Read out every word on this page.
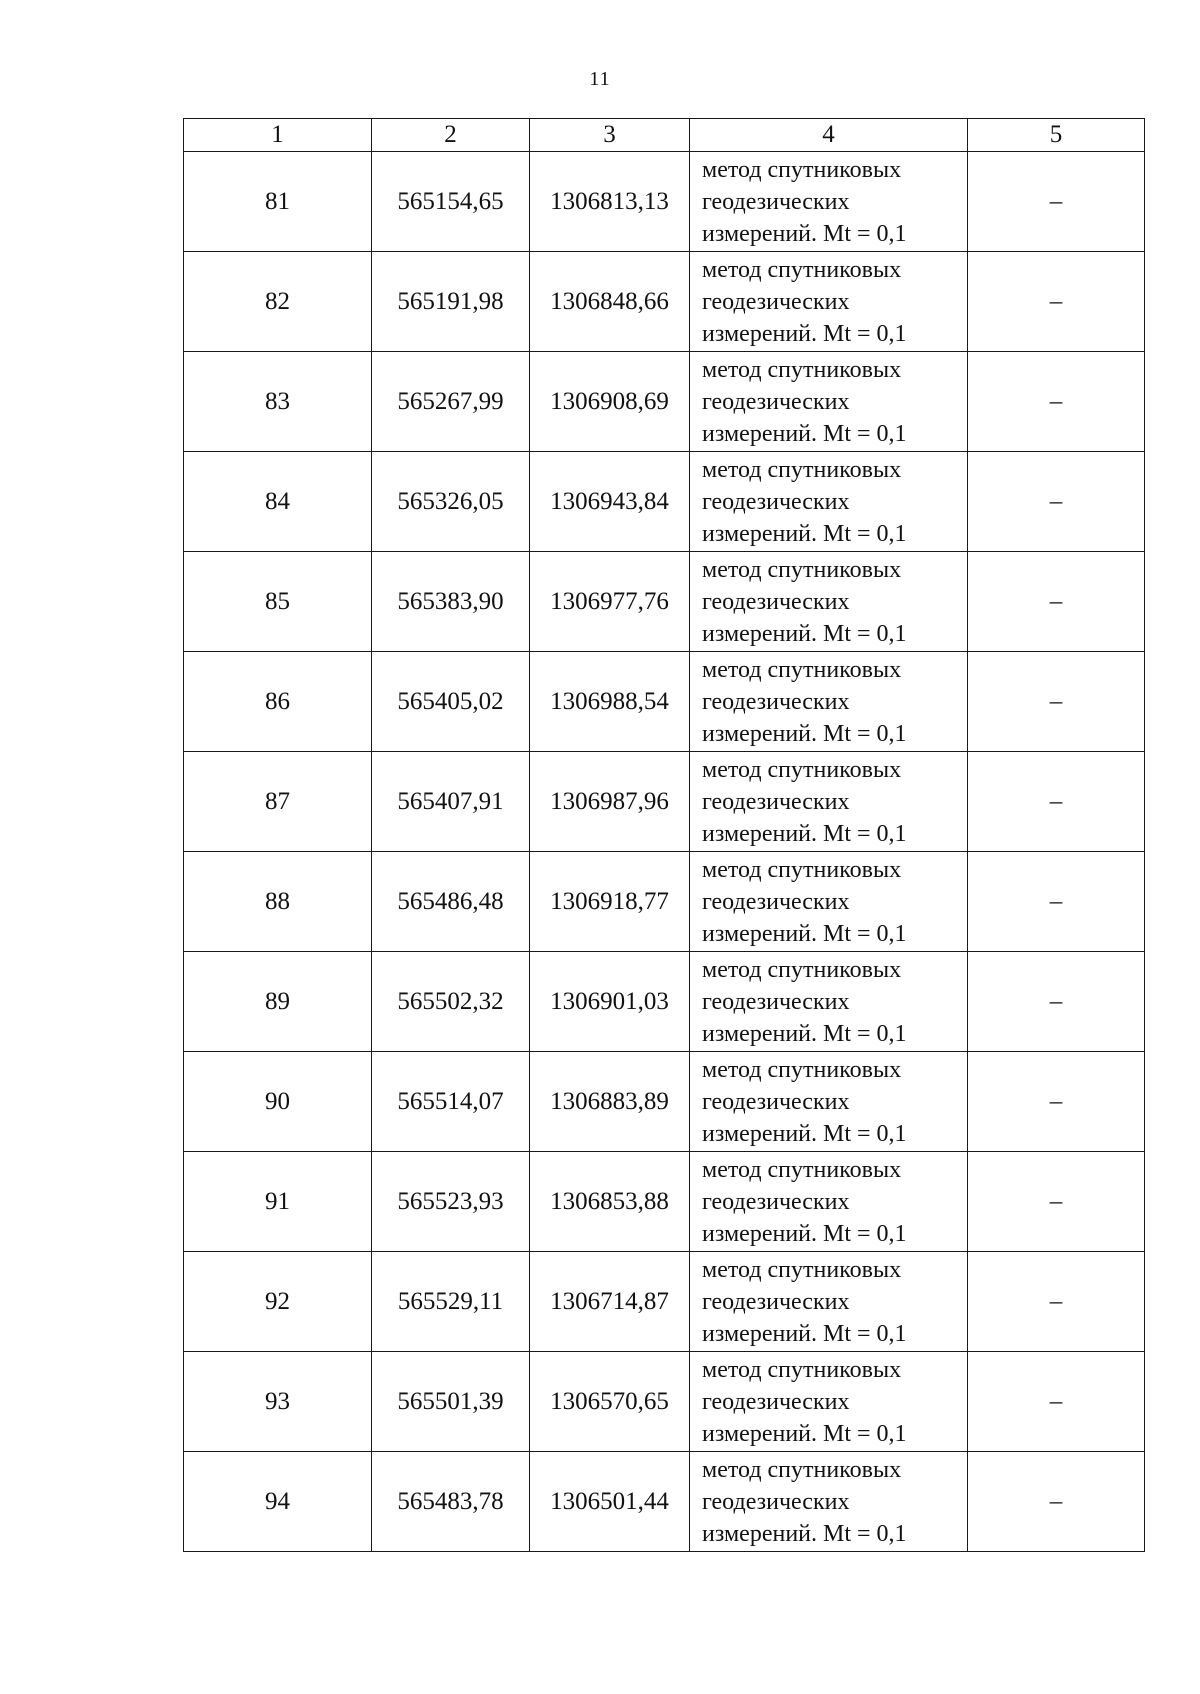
11
1	2	3	4	5
81	565154,65	1306813,13	метод спутниковых
геодезических
измерений. Mt = 0,1	–
82	565191,98	1306848,66	метод спутниковых
геодезических
измерений. Mt = 0,1	–
83	565267,99	1306908,69	метод спутниковых
геодезических
измерений. Mt = 0,1	–
84	565326,05	1306943,84	метод спутниковых
геодезических
измерений. Mt = 0,1	–
85	565383,90	1306977,76	метод спутниковых
геодезических
измерений. Mt = 0,1	–
86	565405,02	1306988,54	метод спутниковых
геодезических
измерений. Mt = 0,1	–
87	565407,91	1306987,96	метод спутниковых
геодезических
измерений. Mt = 0,1	–
88	565486,48	1306918,77	метод спутниковых
геодезических
измерений. Mt = 0,1	–
89	565502,32	1306901,03	метод спутниковых
геодезических
измерений. Mt = 0,1	–
90	565514,07	1306883,89	метод спутниковых
геодезических
измерений. Mt = 0,1	–
91	565523,93	1306853,88	метод спутниковых
геодезических
измерений. Mt = 0,1	–
92	565529,11	1306714,87	метод спутниковых
геодезических
измерений. Mt = 0,1	–
93	565501,39	1306570,65	метод спутниковых
геодезических
измерений. Mt = 0,1	–
94	565483,78	1306501,44	метод спутниковых
геодезических
измерений. Mt = 0,1	–
